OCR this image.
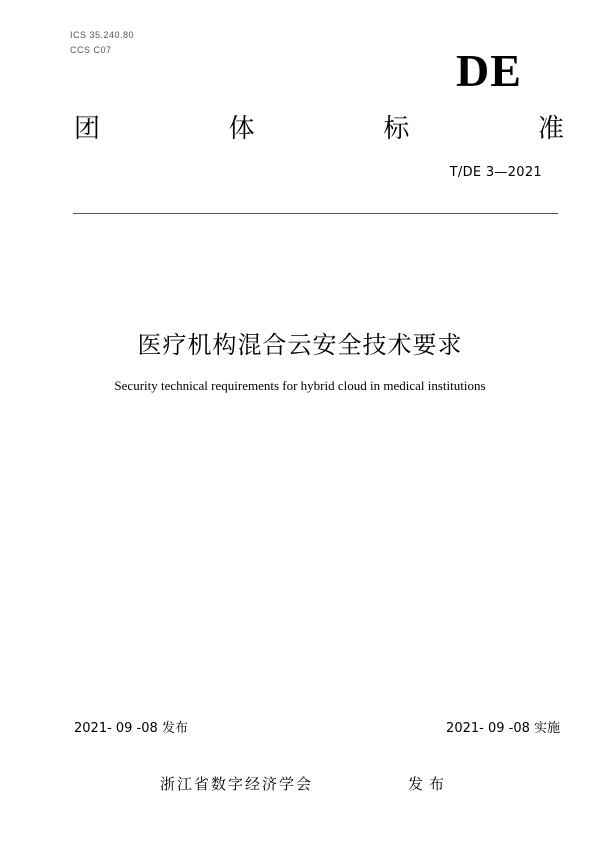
ICS 35.240.80
CCS C07	DE
团	体	标	准
T/DE 3—2021
医疗机构混合云安全技术要求
Security technical requirements for hybrid cloud in medical institutions
2021- 09 -08 发布	2021- 09 -08 实施
浙江省数字经济学会	发布
